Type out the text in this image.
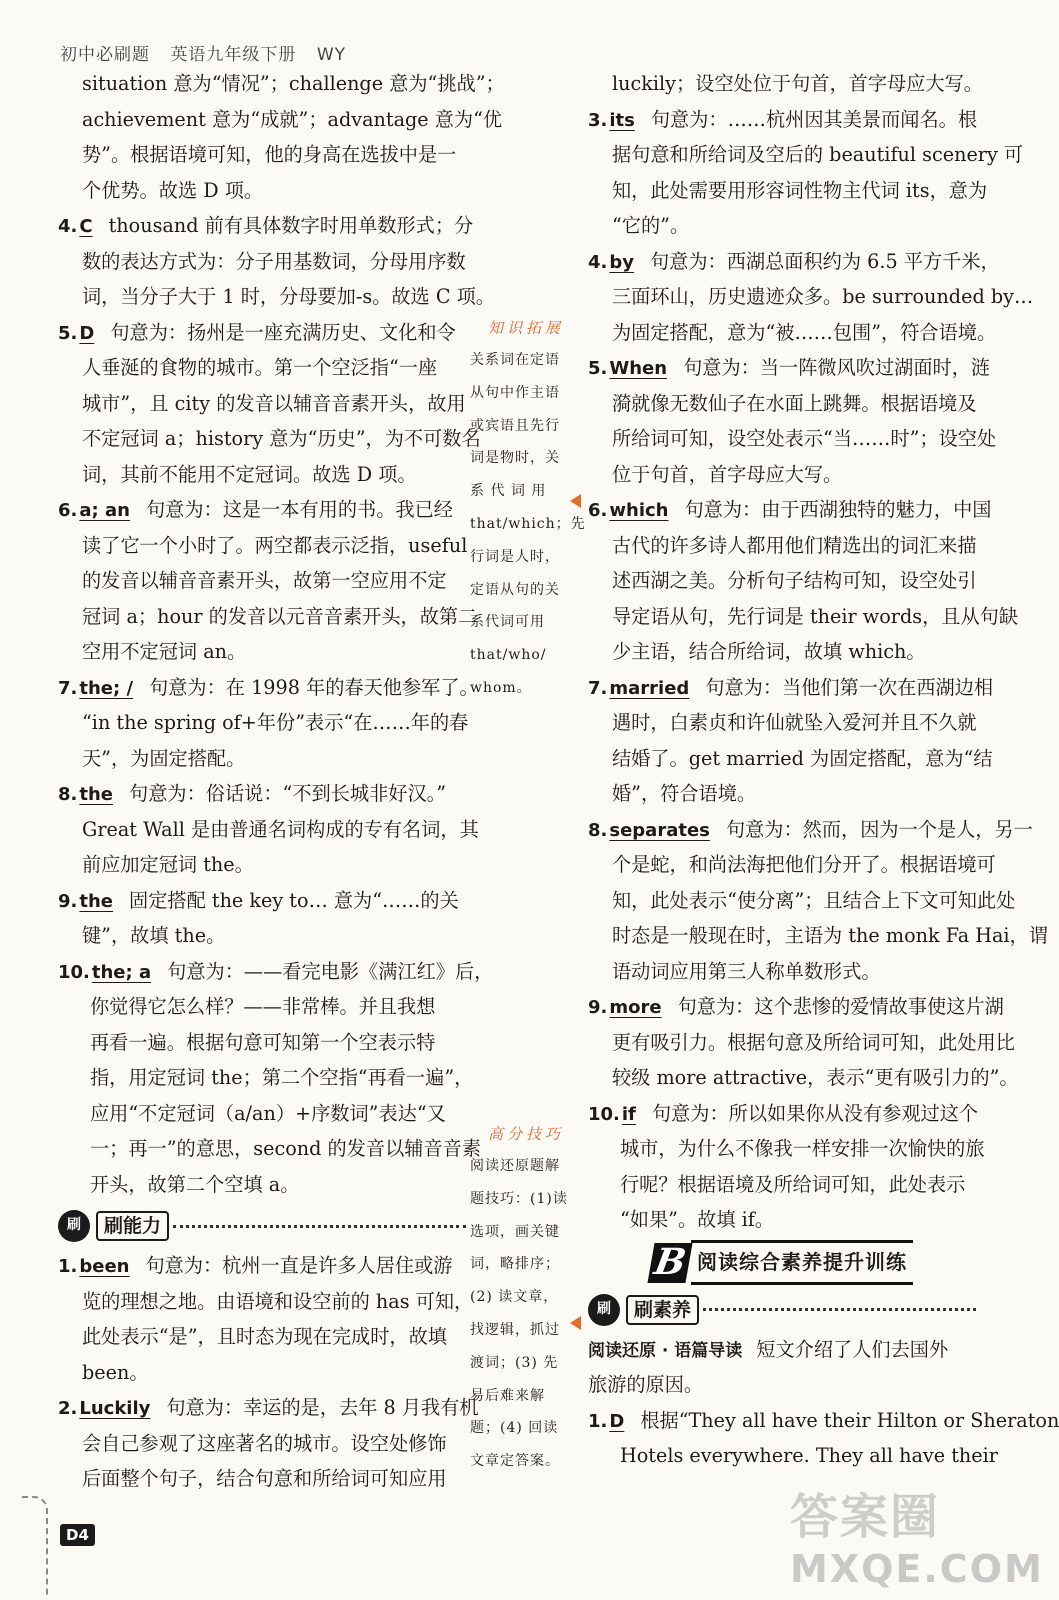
初中必刷题 英语九年级下册 WY
situation 意为“情况”；challenge 意为“挑战”；
achievement 意为“成就”；advantage 意为“优
势”。根据语境可知，他的身高在选拔中是一
个优势。故选 D 项。
4. C thousand 前有具体数字时用单数形式；分
数的表达方式为：分子用基数词，分母用序数
词，当分子大于 1 时，分母要加-s。故选 C 项。
5. D 句意为：扬州是一座充满历史、文化和令
人垂涎的食物的城市。第一个空泛指“一座
城市”，且 city 的发音以辅音音素开头，故用
不定冠词 a；history 意为“历史”，为不可数名
词，其前不能用不定冠词。故选 D 项。
6. a; an 句意为：这是一本有用的书。我已经
读了它一个小时了。两空都表示泛指，useful
的发音以辅音音素开头，故第一空应用不定
冠词 a；hour 的发音以元音音素开头，故第二
空用不定冠词 an。
7. the; / 句意为：在 1998 年的春天他参军了。
“in the spring of+年份”表示“在……年的春
天”，为固定搭配。
8. the 句意为：俗话说：“不到长城非好汉。”
Great Wall 是由普通名词构成的专有名词，其
前应加定冠词 the。
9. the 固定搭配 the key to… 意为“……的关
键”，故填 the。
10. the; a 句意为：——看完电影《满江红》后，
你觉得它怎么样？——非常棒。并且我想
再看一遍。根据句意可知第一个空表示特
指，用定冠词 the；第二个空指“再看一遍”，
应用“不定冠词（a/an）+序数词”表达“又
一；再一”的意思，second 的发音以辅音音素
开头，故第二个空填 a。
刷	刷能力
1. been 句意为：杭州一直是许多人居住或游
览的理想之地。由语境和设空前的 has 可知，
此处表示“是”，且时态为现在完成时，故填
been。
2. Luckily 句意为：幸运的是，去年 8 月我有机
会自己参观了这座著名的城市。设空处修饰
后面整个句子，结合句意和所给词可知应用
知识拓展
关系词在定语
从句中作主语
或宾语且先行
词是物时，关
系 代 词 用
that/which；先
行词是人时，
定语从句的关
系代词可用
that/who/
whom。
高分技巧
阅读还原题解
题技巧：(1)读
选项，画关键
词，略排序；
(2) 读文章，
找逻辑，抓过
渡词；(3) 先
易后难来解
题；(4) 回读
文章定答案。
luckily；设空处位于句首，首字母应大写。
3. its 句意为：……杭州因其美景而闻名。根
据句意和所给词及空后的 beautiful scenery 可
知，此处需要用形容词性物主代词 its，意为
“它的”。
4. by 句意为：西湖总面积约为 6.5 平方千米，
三面环山，历史遗迹众多。be surrounded by…
为固定搭配，意为“被……包围”，符合语境。
5. When 句意为：当一阵微风吹过湖面时，涟
漪就像无数仙子在水面上跳舞。根据语境及
所给词可知，设空处表示“当……时”；设空处
位于句首，首字母应大写。
6. which 句意为：由于西湖独特的魅力，中国
古代的许多诗人都用他们精选出的词汇来描
述西湖之美。分析句子结构可知，设空处引
导定语从句，先行词是 their words，且从句缺
少主语，结合所给词，故填 which。
7. married 句意为：当他们第一次在西湖边相
遇时，白素贞和许仙就坠入爱河并且不久就
结婚了。get married 为固定搭配，意为“结
婚”，符合语境。
8. separates 句意为：然而，因为一个是人，另一
个是蛇，和尚法海把他们分开了。根据语境可
知，此处表示“使分离”；且结合上下文可知此处
时态是一般现在时，主语为 the monk Fa Hai，谓
语动词应用第三人称单数形式。
9. more 句意为：这个悲惨的爱情故事使这片湖
更有吸引力。根据句意及所给词可知，此处用比
较级 more attractive，表示“更有吸引力的”。
10. if 句意为：所以如果你从没有参观过这个
城市，为什么不像我一样安排一次愉快的旅
行呢？根据语境及所给词可知，此处表示
“如果”。故填 if。
B 阅读综合素养提升训练
刷	刷素养
阅读还原 · 语篇导读 短文介绍了人们去国外
旅游的原因。
1. D 根据“They all have their Hilton or Sheraton
Hotels everywhere. They all have their
D4	答案圈
MXQE.COM
